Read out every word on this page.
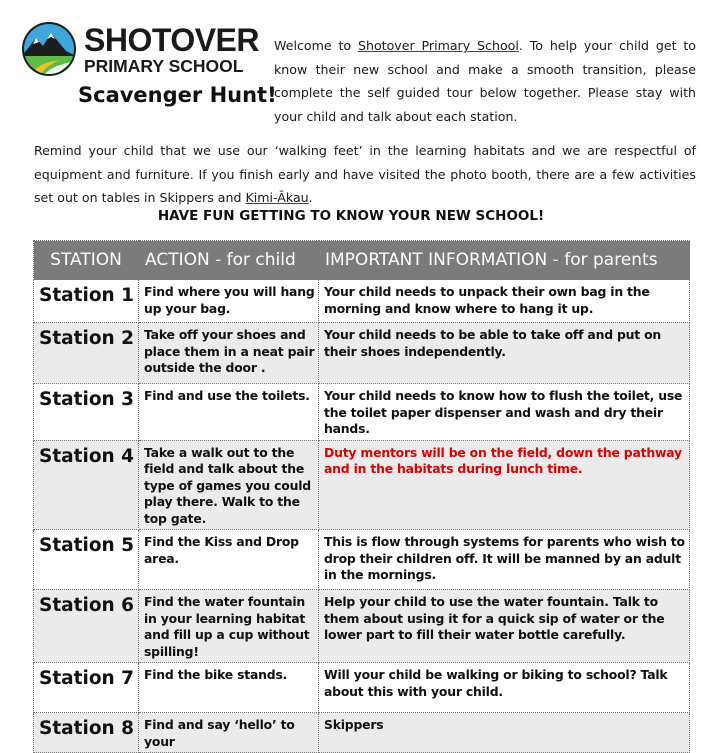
SHOTOVER
PRIMARY SCHOOL
Scavenger Hunt!
Welcome to Shotover Primary School. To help your child get to know their new school and make a smooth transition, please complete the self guided tour below together. Please stay with your child and talk about each station.
Remind your child that we use our ‘walking feet’ in the learning habitats and we are respectful of equipment and furniture. If you finish early and have visited the photo booth, there are a few activities set out on tables in Skippers and Kimi-Ākau.
HAVE FUN GETTING TO KNOW YOUR NEW SCHOOL!
STATION	ACTION - for child	IMPORTANT INFORMATION - for parents
Station 1	Find where you will hang up your bag.	Your child needs to unpack their own bag in the morning and know where to hang it up.
Station 2	Take off your shoes and place them in a neat pair outside the door .	Your child needs to be able to take off and put on their shoes independently.
Station 3	Find and use the toilets.	Your child needs to know how to flush the toilet, use the toilet paper dispenser and wash and dry their hands.
Station 4	Take a walk out to the field and talk about the type of games you could play there. Walk to the top gate.	Duty mentors will be on the field, down the pathway and in the habitats during lunch time.
Station 5	Find the Kiss and Drop area.	This is flow through systems for parents who wish to drop their children off. It will be manned by an adult in the mornings.
Station 6	Find the water fountain in your learning habitat and fill up a cup without spilling!	Help your child to use the water fountain. Talk to them about using it for a quick sip of water or the lower part to fill their water bottle carefully.
Station 7	Find the bike stands.	Will your child be walking or biking to school? Talk about this with your child.
Station 8	Find and say ‘hello’ to your	Skippers
